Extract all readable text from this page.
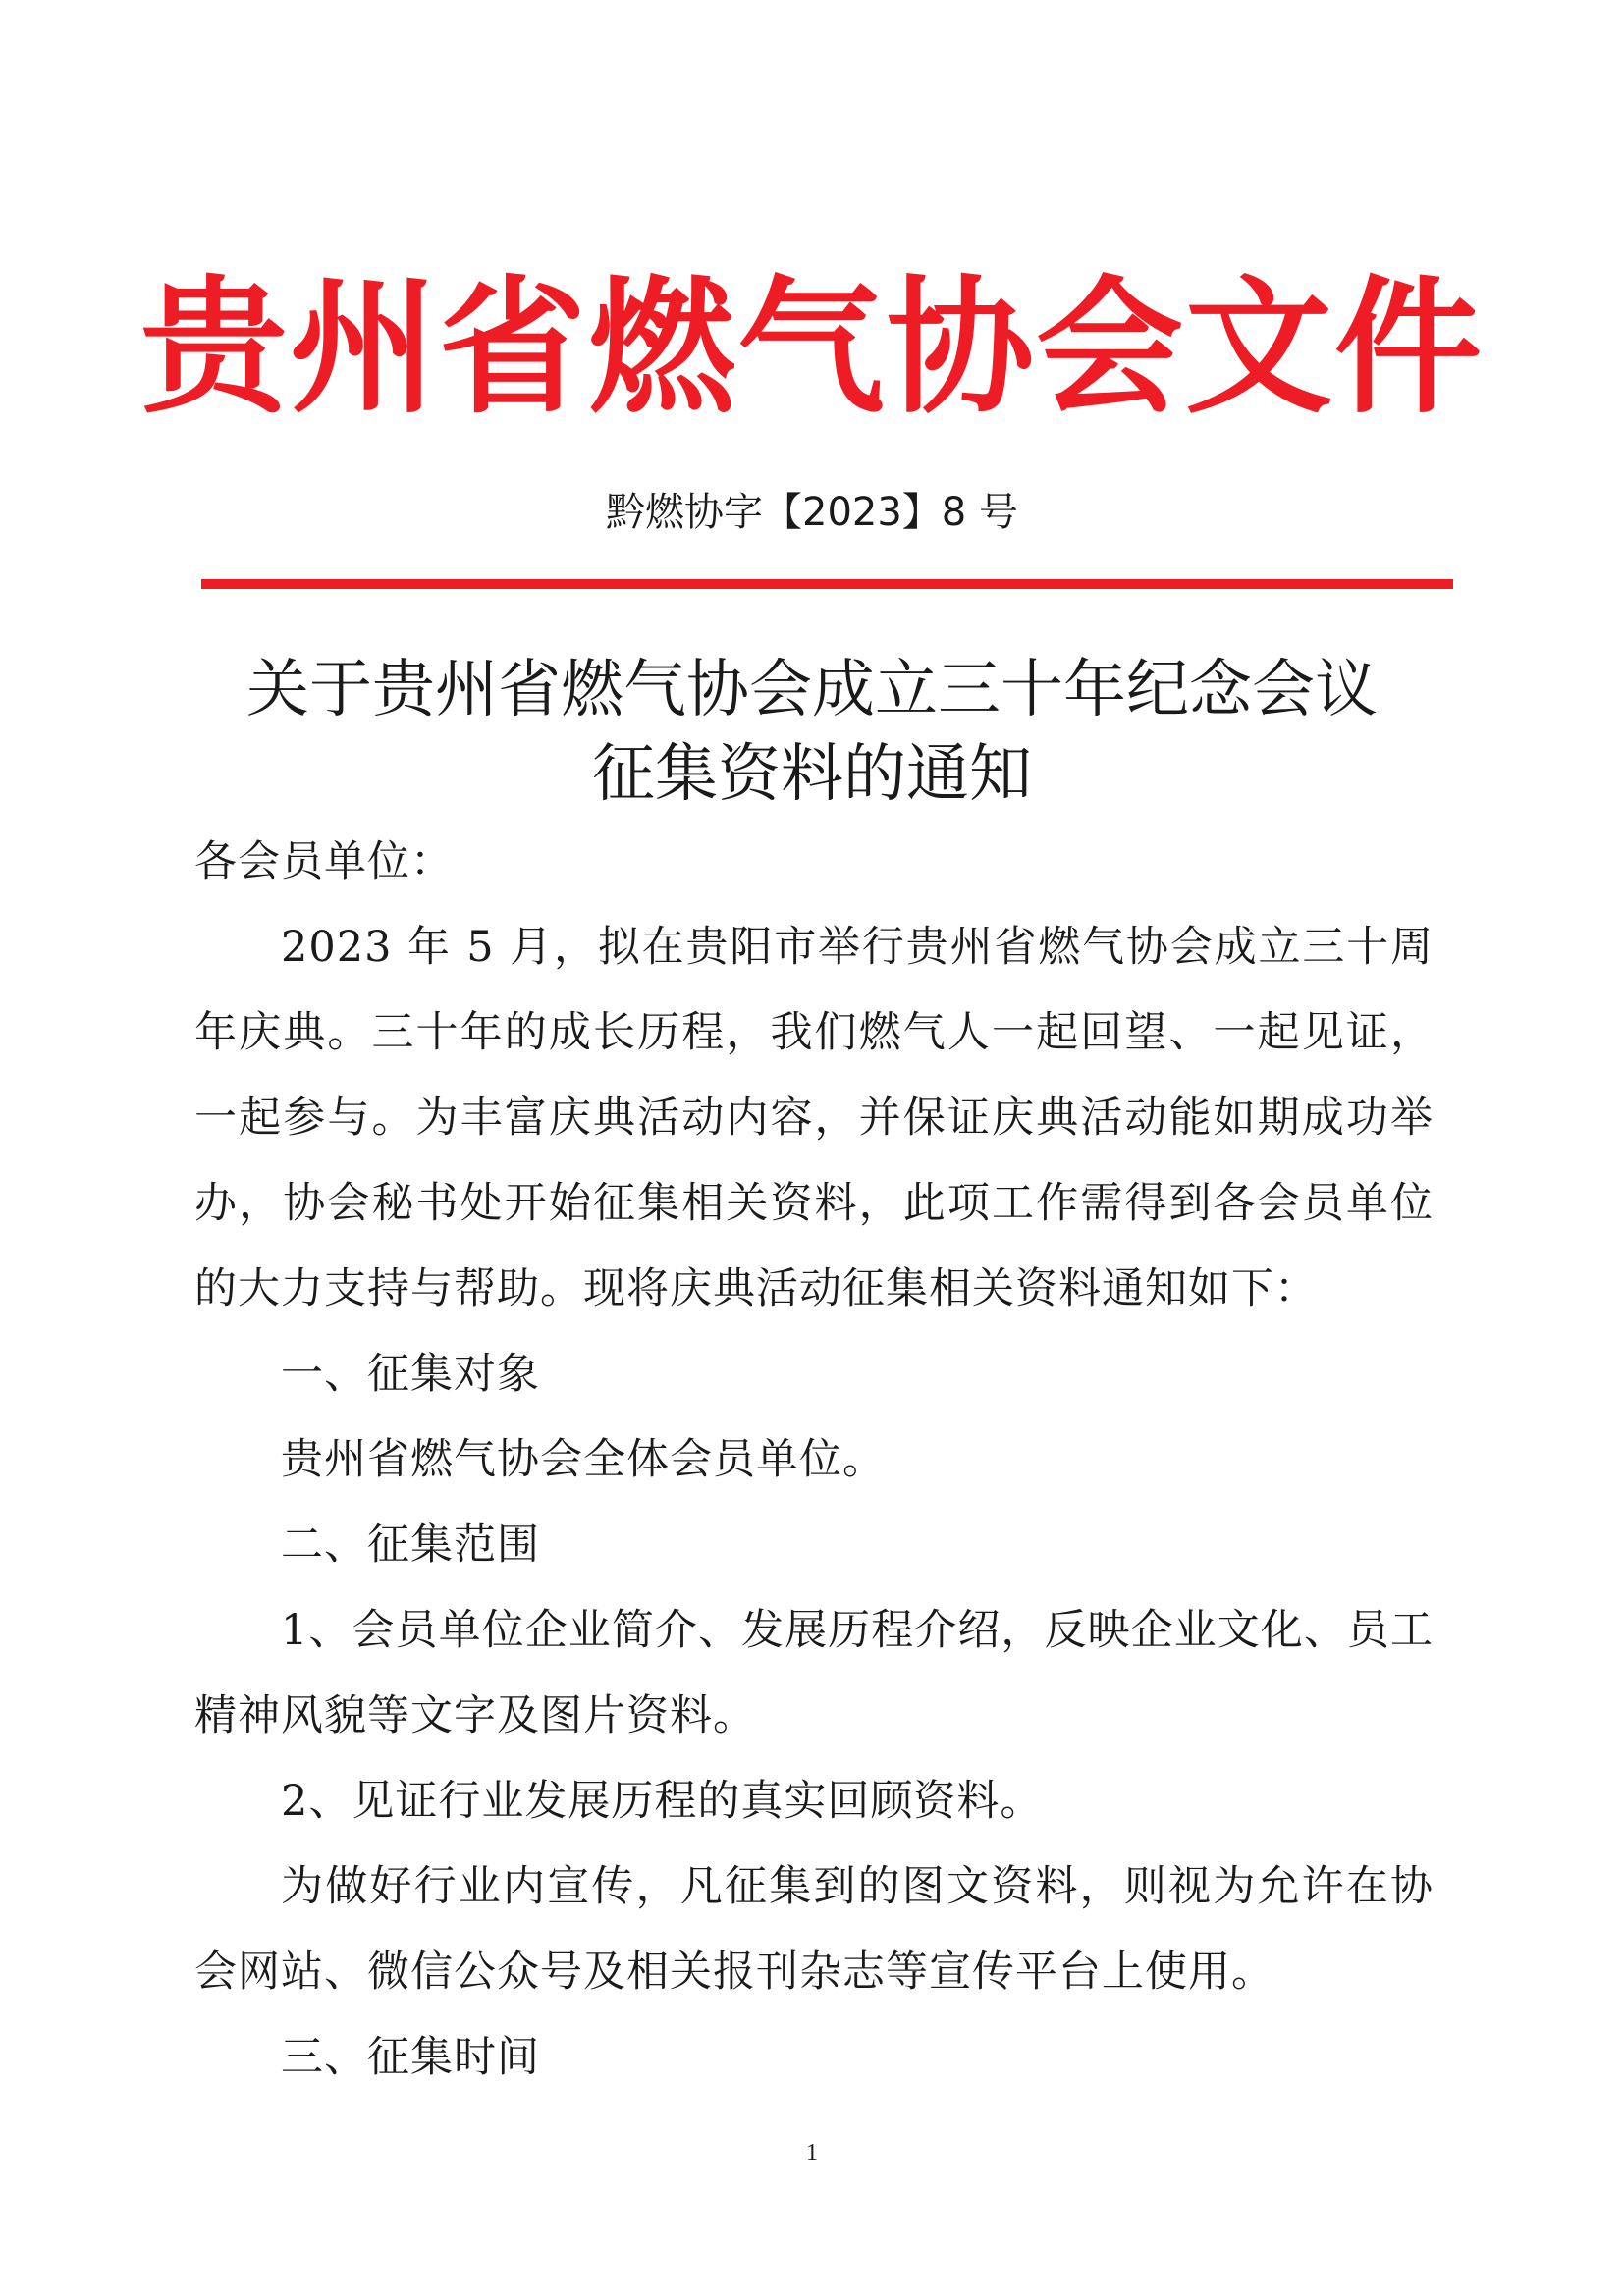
贵州省燃气协会文件
黔燃协字【2023】8 号
关于贵州省燃气协会成立三十年纪念会议
征集资料的通知

各会员单位：

2023 年 5 月，拟在贵阳市举行贵州省燃气协会成立三十周年庆典。三十年的成长历程，我们燃气人一起回望、一起见证，一起参与。为丰富庆典活动内容，并保证庆典活动能如期成功举办，协会秘书处开始征集相关资料，此项工作需得到各会员单位的大力支持与帮助。现将庆典活动征集相关资料通知如下：

一、征集对象

贵州省燃气协会全体会员单位。

二、征集范围

1、会员单位企业简介、发展历程介绍，反映企业文化、员工精神风貌等文字及图片资料。

2、见证行业发展历程的真实回顾资料。

为做好行业内宣传，凡征集到的图文资料，则视为允许在协会网站、微信公众号及相关报刊杂志等宣传平台上使用。

三、征集时间

1
